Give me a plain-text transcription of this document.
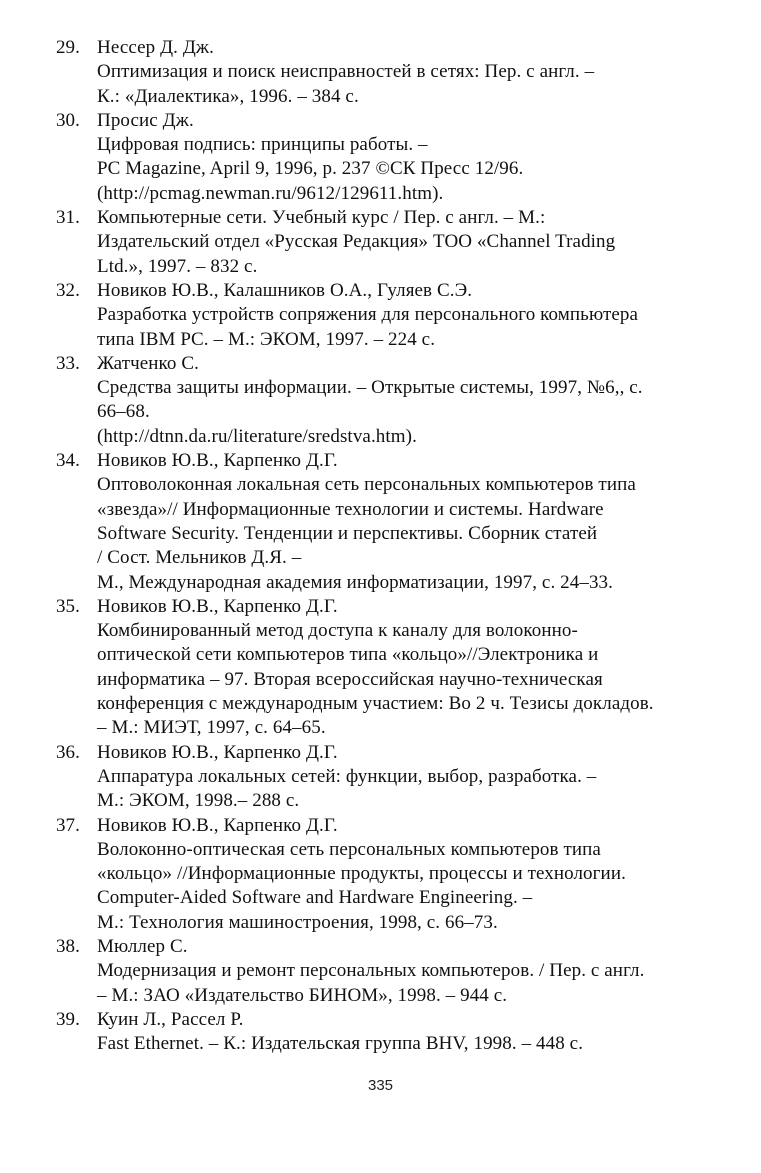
29. Нессер Д. Дж.
Оптимизация и поиск неисправностей в сетях: Пер. с англ. –
К.: «Диалектика», 1996. – 384 с.
30. Просис Дж.
Цифровая подпись: принципы работы. –
PC Magazine, April 9, 1996, p. 237 ©СК Пресс 12/96.
(http://pcmag.newman.ru/9612/129611.htm).
31. Компьютерные сети. Учебный курс / Пер. с англ. – М.:
Издательский отдел «Русская Редакция» ТОО «Channel Trading
Ltd.», 1997. – 832 с.
32. Новиков Ю.В., Калашников О.А., Гуляев С.Э.
Разработка устройств сопряжения для персонального компьютера
типа IBM PC. – М.: ЭКОМ, 1997. – 224 с.
33. Жатченко С.
Средства защиты информации. – Открытые системы, 1997, №6,, с.
66–68.
(http://dtnn.da.ru/literature/sredstva.htm).
34. Новиков Ю.В., Карпенко Д.Г.
Оптоволоконная локальная сеть персональных компьютеров типа
«звезда»// Информационные технологии и системы. Hardware
Software Security. Тенденции и перспективы. Сборник статей
/ Сост. Мельников Д.Я. –
М., Международная академия информатизации, 1997, с. 24–33.
35. Новиков Ю.В., Карпенко Д.Г.
Комбинированный метод доступа к каналу для волоконно-
оптической сети компьютеров типа «кольцо»//Электроника и
информатика – 97. Вторая всероссийская научно-техническая
конференция с международным участием: Во 2 ч. Тезисы докладов.
– М.: МИЭТ, 1997, с. 64–65.
36. Новиков Ю.В., Карпенко Д.Г.
Аппаратура локальных сетей: функции, выбор, разработка. –
М.: ЭКОМ, 1998.– 288 с.
37. Новиков Ю.В., Карпенко Д.Г.
Волоконно-оптическая сеть персональных компьютеров типа
«кольцо» //Информационные продукты, процессы и технологии.
Computer-Aided Software and Hardware Engineering. –
М.: Технология машиностроения, 1998, с. 66–73.
38. Мюллер С.
Модернизация и ремонт персональных компьютеров. / Пер. с англ.
– М.: ЗАО «Издательство БИНОМ», 1998. – 944 с.
39. Куин Л., Рассел Р.
Fast Ethernet. – К.: Издательская группа BHV, 1998. – 448 с.
335
